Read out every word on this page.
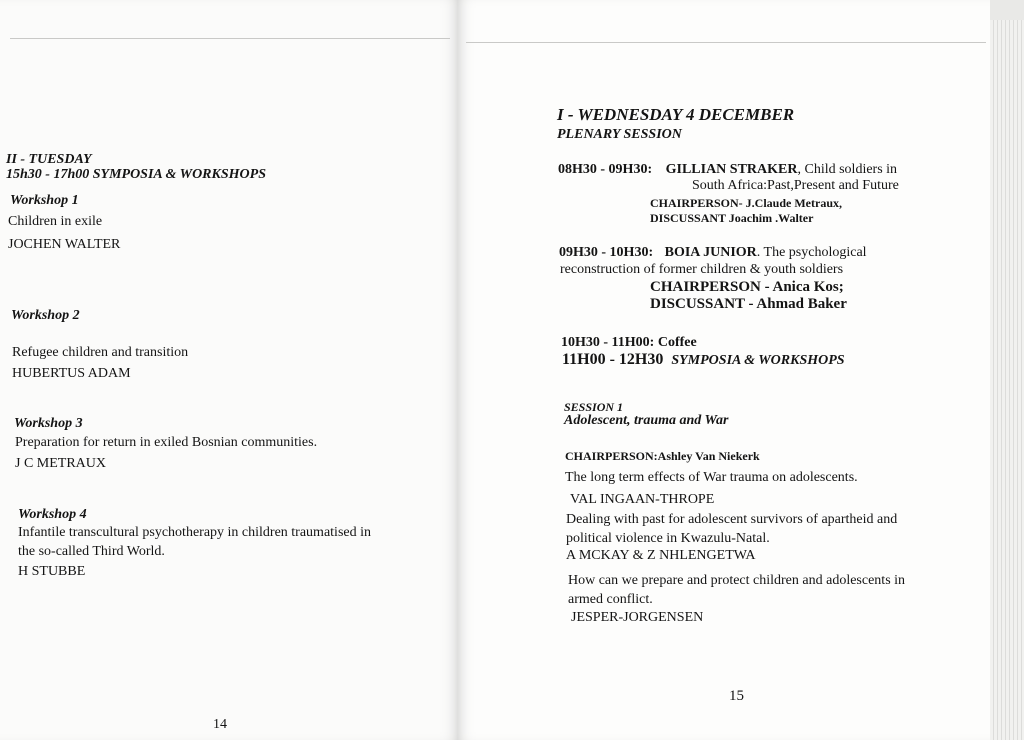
II - TUESDAY
15h30 - 17h00 SYMPOSIA & WORKSHOPS
Workshop 1
Children in exile
JOCHEN WALTER
Workshop 2
Refugee children and transition
HUBERTUS ADAM
Workshop 3
Preparation for return in exiled Bosnian communities.
J C METRAUX
Workshop 4
Infantile transcultural psychotherapy in children traumatised in
the so-called Third World.
H STUBBE
14
I - WEDNESDAY 4 DECEMBER
PLENARY SESSION
08H30 - 09H30: GILLIAN STRAKER, Child soldiers in
South Africa:Past,Present and Future
CHAIRPERSON- J.Claude Metraux,
DISCUSSANT Joachim .Walter
09H30 - 10H30: BOIA JUNIOR. The psychological
reconstruction of former children & youth soldiers
CHAIRPERSON - Anica Kos;
DISCUSSANT - Ahmad Baker
10H30 - 11H00: Coffee
11H00 - 12H30 SYMPOSIA & WORKSHOPS
SESSION 1
Adolescent, trauma and War
CHAIRPERSON:Ashley Van Niekerk
The long term effects of War trauma on adolescents.
VAL INGAAN-THROPE
Dealing with past for adolescent survivors of apartheid and
political violence in Kwazulu-Natal.
A MCKAY & Z NHLENGETWA
How can we prepare and protect children and adolescents in
armed conflict.
JESPER-JORGENSEN
15
